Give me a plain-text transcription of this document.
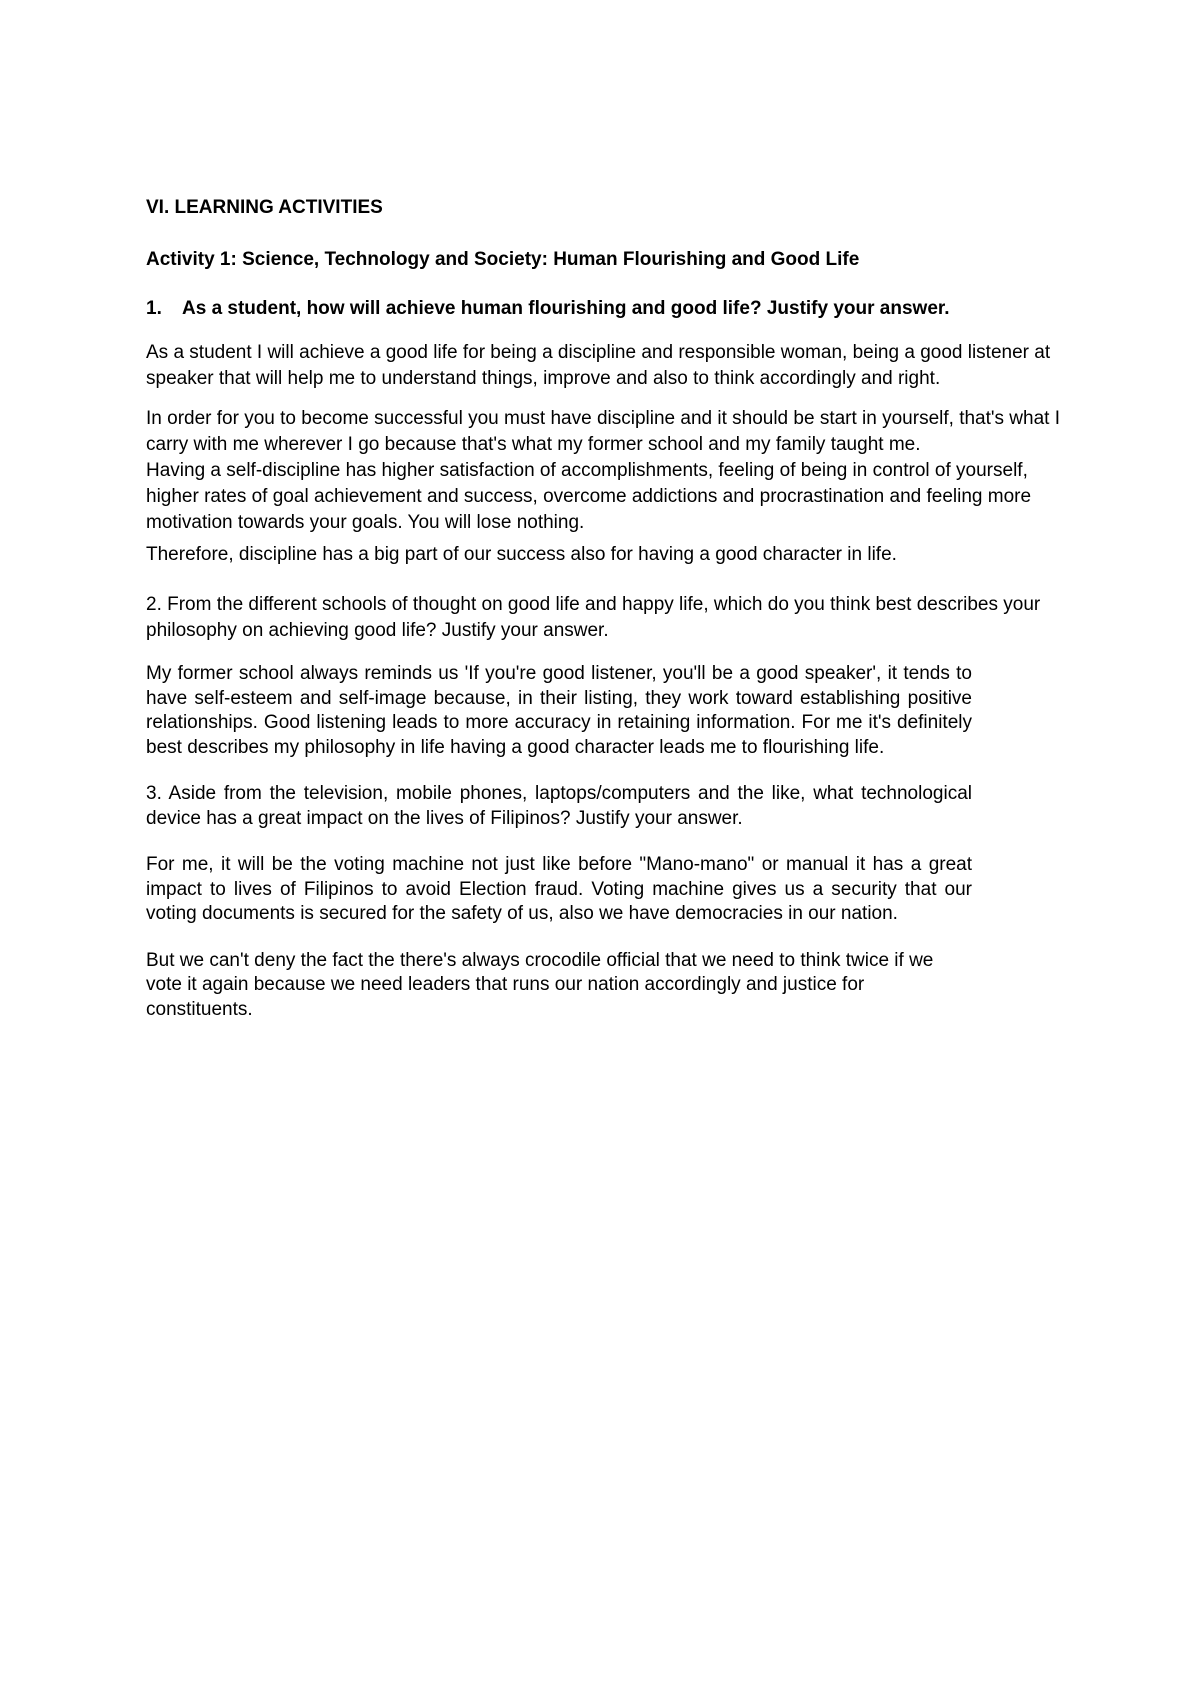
VI. LEARNING ACTIVITIES
Activity 1: Science, Technology and Society: Human Flourishing and Good Life
1.	As a student, how will achieve human flourishing and good life? Justify your answer.

As a student I will achieve a good life for being a discipline and responsible woman, being a good listener at speaker that will help me to understand things, improve and also to think accordingly and right.

In order for you to become successful you must have discipline and it should be start in yourself, that's what I carry with me wherever I go because that's what my former school and my family taught me.

Having a self-discipline has higher satisfaction of accomplishments, feeling of being in control of yourself, higher rates of goal achievement and success, overcome addictions and procrastination and feeling more motivation towards your goals. You will lose nothing.

Therefore, discipline has a big part of our success also for having a good character in life.

2. From the different schools of thought on good life and happy life, which do you think best describes your philosophy on achieving good life? Justify your answer.

My former school always reminds us 'If you're good listener, you'll be a good speaker', it tends to have self-esteem and self-image because, in their listing, they work toward establishing positive relationships. Good listening leads to more accuracy in retaining information. For me it's definitely best describes my philosophy in life having a good character leads me to flourishing life.

3. Aside from the television, mobile phones, laptops/computers and the like, what technological device has a great impact on the lives of Filipinos? Justify your answer.

For me, it will be the voting machine not just like before "Mano-mano" or manual it has a great impact to lives of Filipinos to avoid Election fraud. Voting machine gives us a security that our voting documents is secured for the safety of us, also we have democracies in our nation.

But we can't deny the fact the there's always crocodile official that we need to think twice if we vote it again because we need leaders that runs our nation accordingly and justice for constituents.
